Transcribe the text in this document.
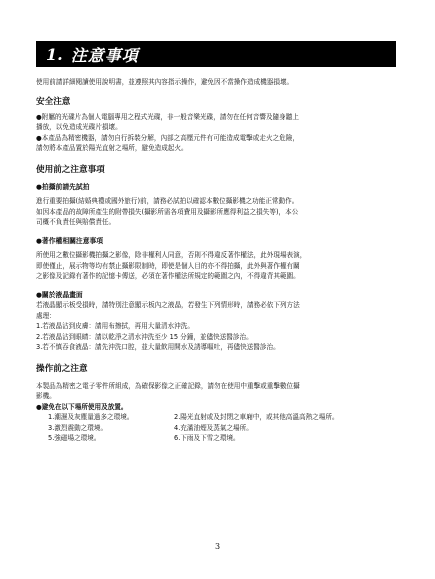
1. 注意事項

使用前請詳細閱讀使用說明書，並遵照其內容指示操作，避免因不當操作造成機器損壞。

安全注意

●附屬的光碟片為個人電腦專用之程式光碟，非一般音樂光碟，請勿在任何音響及隨身聽上

播放，以免造成光碟片損壞。

●本產品為精密機器，請勿自行拆裝分解，內部之高壓元件有可能造成電擊或走火之危險，

請勿將本產品置於陽光直射之場所，避免造成起火。

使用前之注意事項

●拍攝前請先試拍

進行重要拍攝(結婚典禮或國外旅行)前，請務必試拍以確認本數位攝影機之功能正常動作。

如因本產品的故障所產生的附帶損失(攝影所需各項費用及攝影所應得利益之損失等)，本公

司概不負責任與賠償責任。

●著作權相關注意事項

所使用之數位攝影機拍攝之影像，除非權利人同意，否則不得違反著作權法，此外現場表演，

即使僅止，展示物等均有禁止攝影限制時，即使是個人目的亦不得拍攝，此外與著作權有關

之影像及記錄有著作的記憶卡傳送，必須在著作權法所規定的範圍之內，不得違背其範圍。

●關於液晶畫面

若液晶顯示板受損時，請特別注意顯示板內之液晶，若發生下列情形時，請務必依下列方法

處理：

1.若液晶沾到皮膚：請用布擦拭，再用大量清水沖洗。

2.若液晶沾到眼睛：請以乾淨之清水沖洗至少 15 分鐘，並儘快送醫診治。

3.若不慎吞食液晶：請先沖洗口腔，並大量飲用開水及誘導嘔吐，再儘快送醫診治。

操作前之注意

本製品為精密之電子零件所組成，為確保影像之正確記錄，請勿在使用中重擊或重擊數位攝

影機。

●避免在以下場所使用及放置。

1.潮濕及灰塵量過多之環境。	2.陽光直射或及封閉之車廂中，或其他高溫高熱之場所。

3.激烈震動之環境。	4.充滿油煙及蒸氣之場所。

5.強磁場之環境。	6.下雨及下雪之環境。

3
